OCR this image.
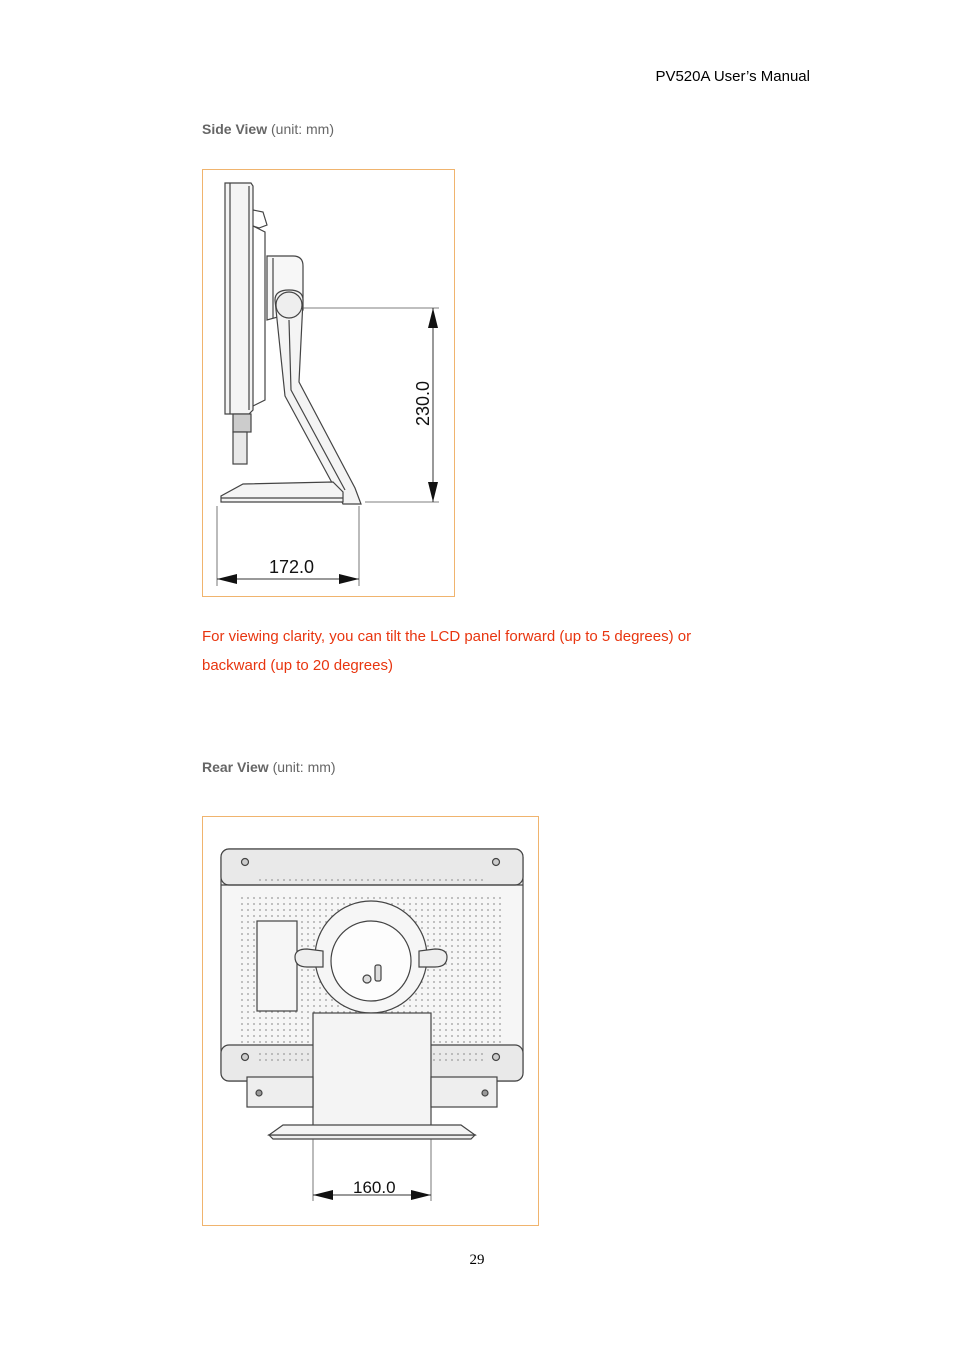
PV520A User’s Manual
Side View (unit: mm)
230.0
172.0
For viewing clarity, you can tilt the LCD panel forward (up to 5 degrees) or
backward (up to 20 degrees)
Rear View (unit: mm)
160.0
29
